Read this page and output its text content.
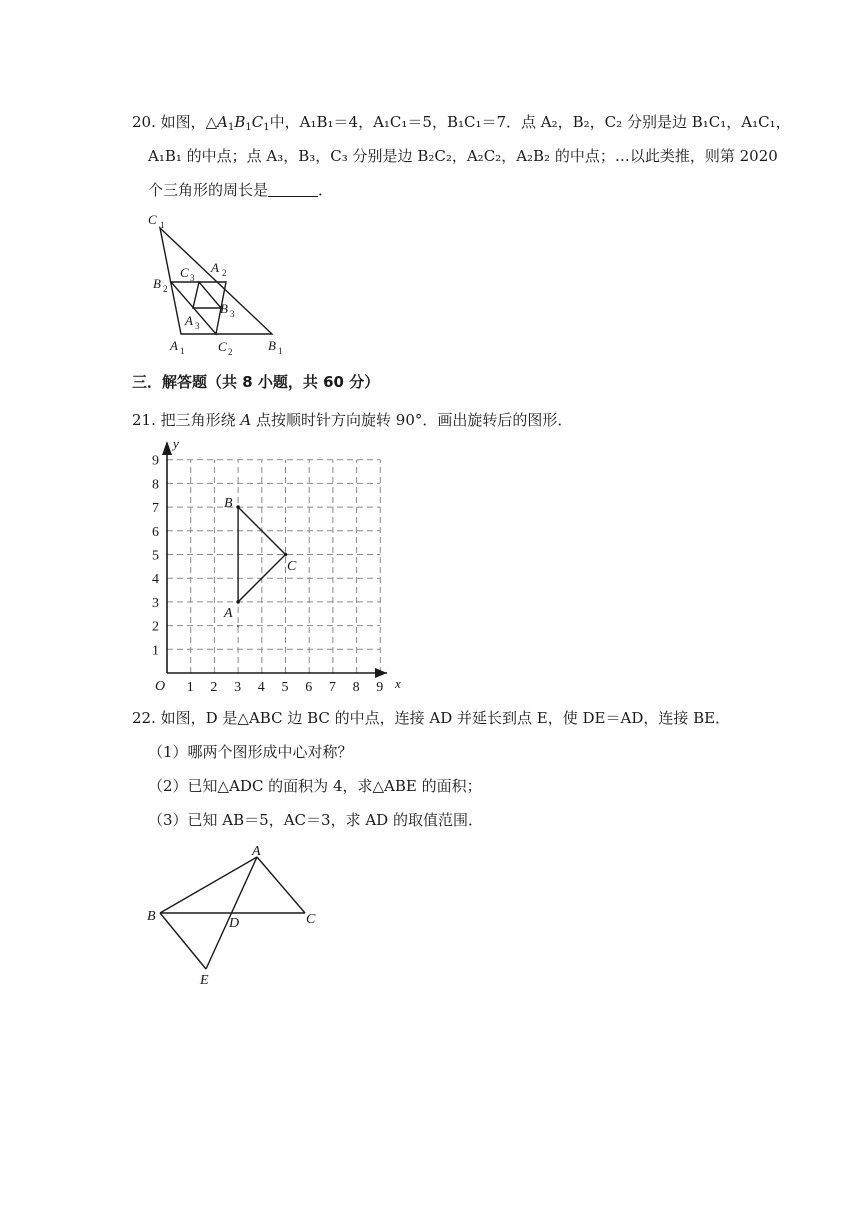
20. 如图，$\triangle A_1B_1C_1$中，A₁B₁＝4，A₁C₁＝5，B₁C₁＝7．点 A₂，B₂，C₂ 分别是边 B₁C₁，A₁C₁，
A₁B₁ 的中点；点 A₃，B₃，C₃ 分别是边 B₂C₂，A₂C₂，A₂B₂ 的中点；…以此类推，则第 2020
个三角形的周长是	．
C 1
B 2
C 3
A 2
B 3
A 3
A 1	C 2	B 1
三．解答题（共 8 小题，共 60 分）
21. 把三角形绕 A 点按顺时针方向旋转 90°．画出旋转后的图形．
1 2 3 4 5 6 7 8 9
1
2
3
4
5
6
7
8
9
O	x
y
A
B
C
22. 如图，D 是△ABC 边 BC 的中点，连接 AD 并延长到点 E，使 DE＝AD，连接 BE．
（1）哪两个图形成中心对称？
（2）已知△ADC 的面积为 4，求△ABE 的面积；
（3）已知 AB＝5，AC＝3，求 AD 的取值范围．
A
B	C
D
E
